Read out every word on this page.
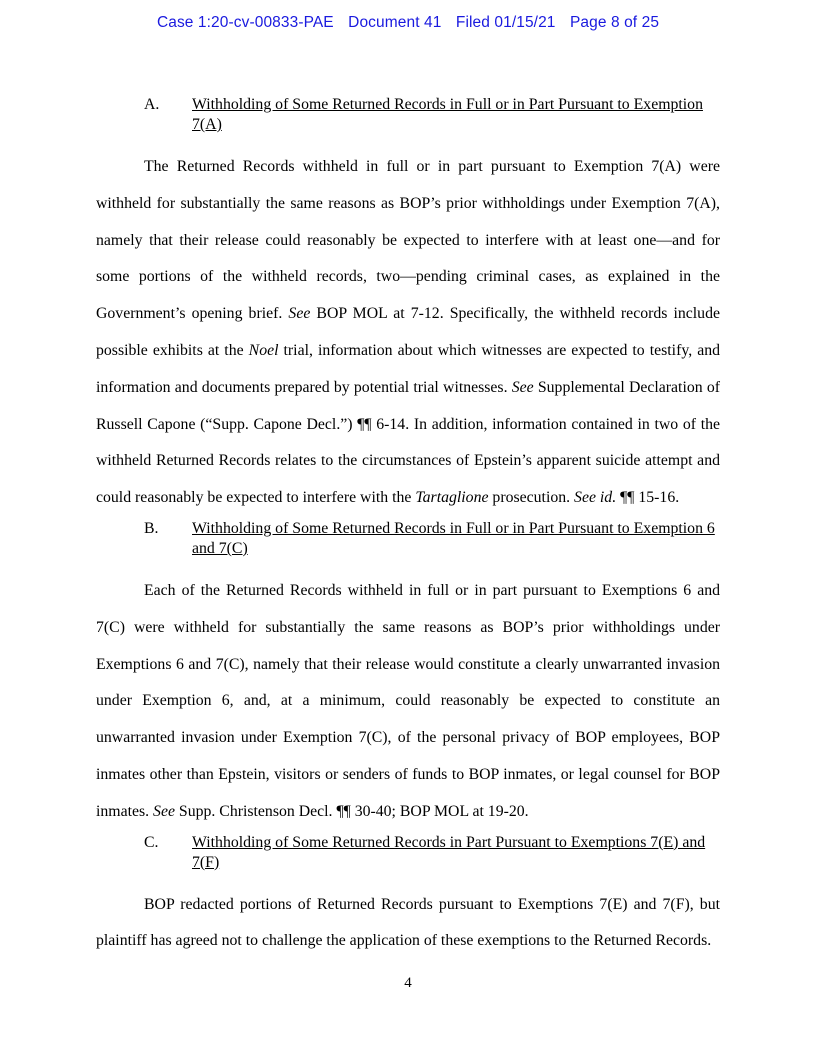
Case 1:20-cv-00833-PAE Document 41 Filed 01/15/21 Page 8 of 25
A. Withholding of Some Returned Records in Full or in Part Pursuant to Exemption 7(A)

The Returned Records withheld in full or in part pursuant to Exemption 7(A) were withheld for substantially the same reasons as BOP’s prior withholdings under Exemption 7(A), namely that their release could reasonably be expected to interfere with at least one—and for some portions of the withheld records, two—pending criminal cases, as explained in the Government’s opening brief. See BOP MOL at 7-12. Specifically, the withheld records include possible exhibits at the Noel trial, information about which witnesses are expected to testify, and information and documents prepared by potential trial witnesses. See Supplemental Declaration of Russell Capone (“Supp. Capone Decl.”) ¶¶ 6-14. In addition, information contained in two of the withheld Returned Records relates to the circumstances of Epstein’s apparent suicide attempt and could reasonably be expected to interfere with the Tartaglione prosecution. See id. ¶¶ 15-16.

B. Withholding of Some Returned Records in Full or in Part Pursuant to Exemption 6 and 7(C)

Each of the Returned Records withheld in full or in part pursuant to Exemptions 6 and 7(C) were withheld for substantially the same reasons as BOP’s prior withholdings under Exemptions 6 and 7(C), namely that their release would constitute a clearly unwarranted invasion under Exemption 6, and, at a minimum, could reasonably be expected to constitute an unwarranted invasion under Exemption 7(C), of the personal privacy of BOP employees, BOP inmates other than Epstein, visitors or senders of funds to BOP inmates, or legal counsel for BOP inmates. See Supp. Christenson Decl. ¶¶ 30-40; BOP MOL at 19-20.

C. Withholding of Some Returned Records in Part Pursuant to Exemptions 7(E) and 7(F)

BOP redacted portions of Returned Records pursuant to Exemptions 7(E) and 7(F), but plaintiff has agreed not to challenge the application of these exemptions to the Returned Records.

4
